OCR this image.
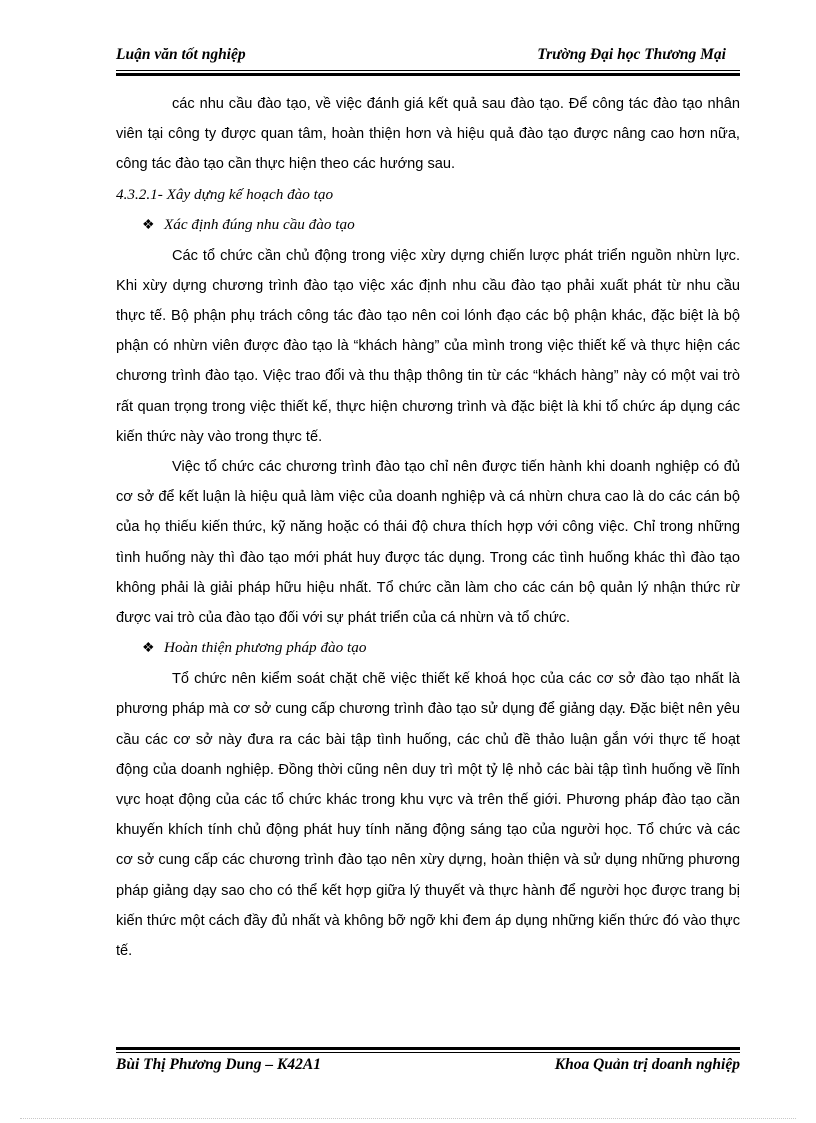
Luận văn tốt nghiệp	Trường Đại học Thương Mại

các nhu cầu đào tạo, về việc đánh giá kết quả sau đào tạo. Để công tác đào tạo nhân viên tại công ty được quan tâm, hoàn thiện hơn và hiệu quả đào tạo được nâng cao hơn nữa, công tác đào tạo cần thực hiện theo các hướng sau.

4.3.2.1- Xây dựng kế hoạch đào tạo
❖ Xác định đúng nhu cầu đào tạo

Các tổ chức cần chủ động trong việc xừy dựng chiến lược phát triển nguồn nhừn lực. Khi xừy dựng chương trình đào tạo việc xác định nhu cầu đào tạo phải xuất phát từ nhu cầu thực tế. Bộ phận phụ trách công tác đào tạo nên coi lónh đạo các bộ phận khác, đặc biệt là bộ phận có nhừn viên được đào tạo là “khách hàng” của mình trong việc thiết kế và thực hiện các chương trình đào tạo. Việc trao đổi và thu thập thông tin từ các “khách hàng” này có một vai trò rất quan trọng trong việc thiết kế, thực hiện chương trình và đặc biệt là khi tổ chức áp dụng các kiến thức này vào trong thực tế.

Việc tổ chức các chương trình đào tạo chỉ nên được tiến hành khi doanh nghiệp có đủ cơ sở để kết luận là hiệu quả làm việc của doanh nghiệp và cá nhừn chưa cao là do các cán bộ của họ thiếu kiến thức, kỹ năng hoặc có thái độ chưa thích hợp với công việc. Chỉ trong những tình huống này thì đào tạo mới phát huy được tác dụng. Trong các tình huống khác thì đào tạo không phải là giải pháp hữu hiệu nhất. Tổ chức cần làm cho các cán bộ quản lý nhận thức rừ được vai trò của đào tạo đối với sự phát triển của cá nhừn và tổ chức.

❖ Hoàn thiện phương pháp đào tạo

Tổ chức nên kiểm soát chặt chẽ việc thiết kế khoá học của các cơ sở đào tạo nhất là phương pháp mà cơ sở cung cấp chương trình đào tạo sử dụng để giảng dạy. Đặc biệt nên yêu cầu các cơ sở này đưa ra các bài tập tình huống, các chủ đề thảo luận gắn với thực tế hoạt động của doanh nghiệp. Đồng thời cũng nên duy trì một tỷ lệ nhỏ các bài tập tình huống về lĩnh vực hoạt động của các tổ chức khác trong khu vực và trên thế giới. Phương pháp đào tạo cần khuyến khích tính chủ động phát huy tính năng động sáng tạo của người học. Tổ chức và các cơ sở cung cấp các chương trình đào tạo nên xừy dựng, hoàn thiện và sử dụng những phương pháp giảng dạy sao cho có thể kết hợp giữa lý thuyết và thực hành để người học được trang bị kiến thức một cách đầy đủ nhất và không bỡ ngỡ khi đem áp dụng những kiến thức đó vào thực tế.

Bùi Thị Phương Dung – K42A1	Khoa Quản trị doanh nghiệp
